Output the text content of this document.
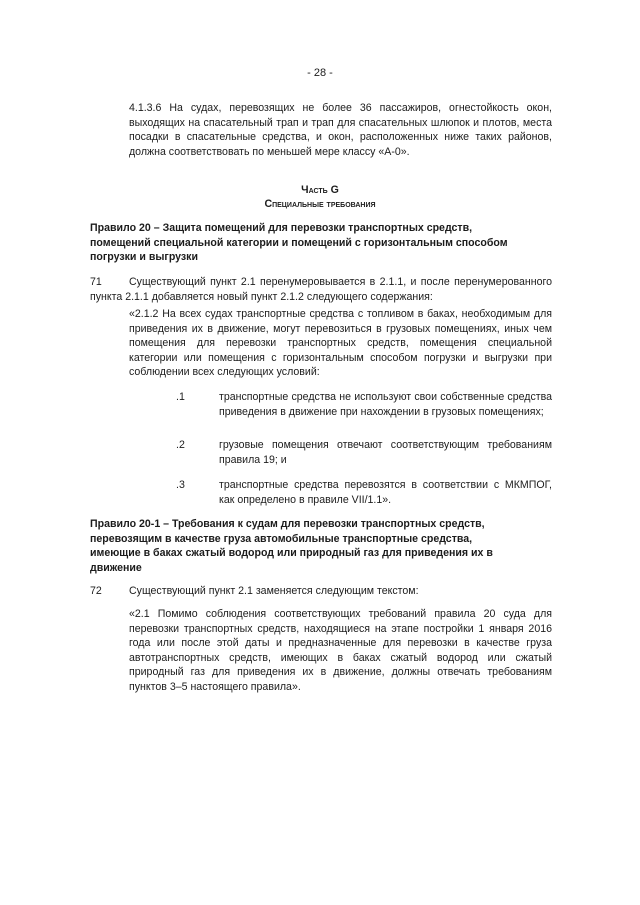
- 28 -
4.1.3.6 На судах, перевозящих не более 36 пассажиров, огнестойкость окон, выходящих на спасательный трап и трап для спасательных шлюпок и плотов, места посадки в спасательные средства, и окон, расположенных ниже таких районов, должна соответствовать по меньшей мере классу «А-0».
Часть G
Специальные требования
Правило 20 – Защита помещений для перевозки транспортных средств, помещений специальной категории и помещений с горизонтальным способом погрузки и выгрузки
71	Существующий пункт 2.1 перенумеровывается в 2.1.1, и после перенумерованного пункта 2.1.1 добавляется новый пункт 2.1.2 следующего содержания:
«2.1.2 На всех судах транспортные средства с топливом в баках, необходимым для приведения их в движение, могут перевозиться в грузовых помещениях, иных чем помещения для перевозки транспортных средств, помещения специальной категории или помещения с горизонтальным способом погрузки и выгрузки при соблюдении всех следующих условий:
.1	транспортные средства не используют свои собственные средства приведения в движение при нахождении в грузовых помещениях;
.2	грузовые помещения отвечают соответствующим требованиям правила 19; и
.3	транспортные средства перевозятся в соответствии с МКМПОГ, как определено в правиле VII/1.1».
Правило 20-1 – Требования к судам для перевозки транспортных средств, перевозящим в качестве груза автомобильные транспортные средства, имеющие в баках сжатый водород или природный газ для приведения их в движение
72	Существующий пункт 2.1 заменяется следующим текстом:
«2.1 Помимо соблюдения соответствующих требований правила 20 суда для перевозки транспортных средств, находящиеся на этапе постройки 1 января 2016 года или после этой даты и предназначенные для перевозки в качестве груза автотранспортных средств, имеющих в баках сжатый водород или сжатый природный газ для приведения их в движение, должны отвечать требованиям пунктов 3–5 настоящего правила».
